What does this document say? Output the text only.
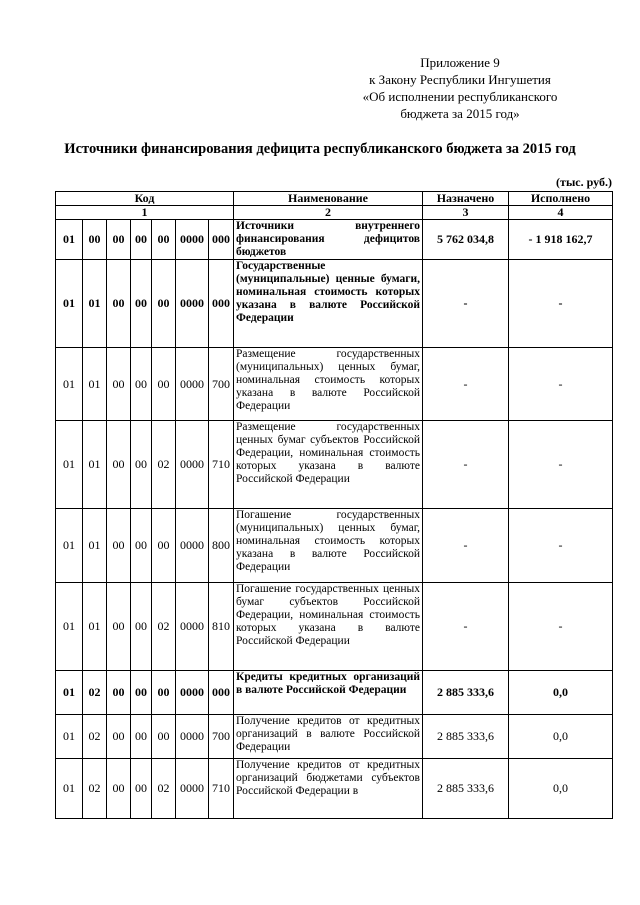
Приложение 9
к Закону Республики Ингушетия
«Об исполнении республиканского
бюджета за 2015 год»
Источники финансирования дефицита республиканского бюджета за 2015 год
(тыс. руб.)
Код							Наименование	Назначено	Исполнено
1							2	3	4
01	00	00	00	00	0000	000	Источники внутреннего финансирования дефицитов бюджетов	5 762 034,8	- 1 918 162,7
01	01	00	00	00	0000	000	Государственные (муниципальные) ценные бумаги, номинальная стоимость которых указана в валюте Российской Федерации	-	-
01	01	00	00	00	0000	700	Размещение государственных (муниципальных) ценных бумаг, номинальная стоимость которых указана в валюте Российской Федерации	-	-
01	01	00	00	02	0000	710	Размещение государственных ценных бумаг субъектов Российской Федерации, номинальная стоимость которых указана в валюте Российской Федерации	-	-
01	01	00	00	00	0000	800	Погашение государственных (муниципальных) ценных бумаг, номинальная стоимость которых указана в валюте Российской Федерации	-	-
01	01	00	00	02	0000	810	Погашение государственных ценных бумаг субъектов Российской Федерации, номинальная стоимость которых указана в валюте Российской Федерации	-	-
01	02	00	00	00	0000	000	Кредиты кредитных организаций в валюте Российской Федерации	2 885 333,6	0,0
01	02	00	00	00	0000	700	Получение кредитов от кредитных организаций в валюте Российской Федерации	2 885 333,6	0,0
01	02	00	00	02	0000	710	Получение кредитов от кредитных организаций бюджетами субъектов Российской Федерации в	2 885 333,6	0,0
